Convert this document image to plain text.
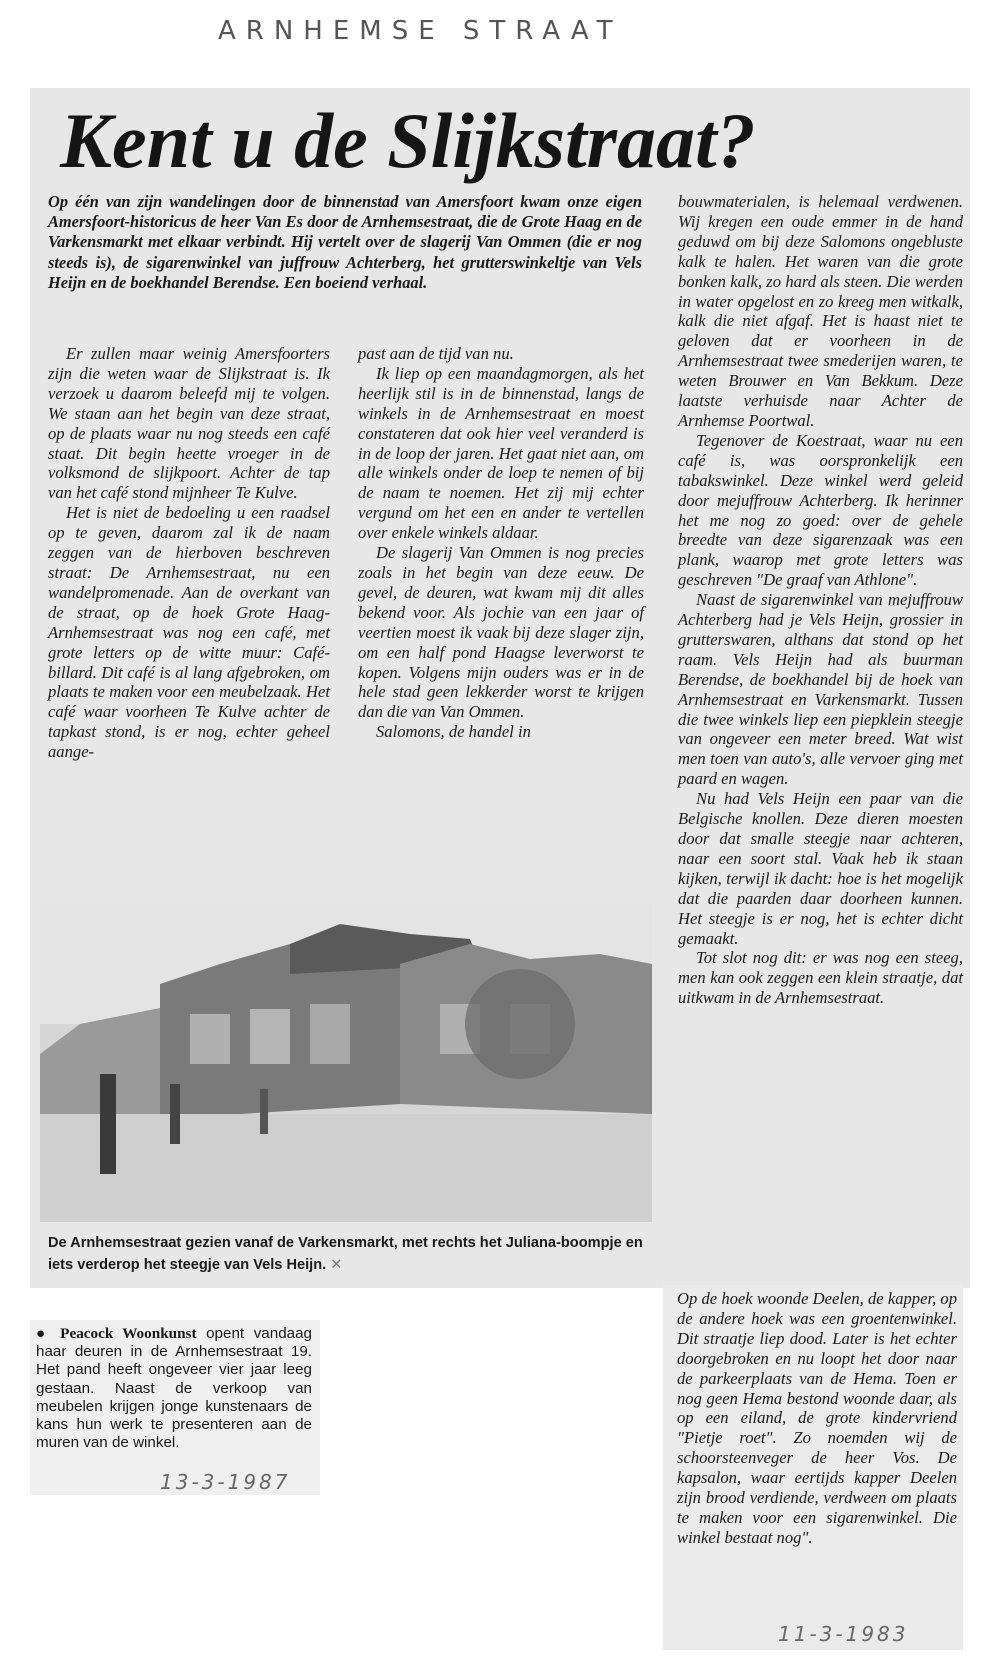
ARNHEMSE STRAAT
Kent u de Slijkstraat?
Op één van zijn wandelingen door de binnenstad van Amersfoort kwam onze eigen Amersfoort-historicus de heer Van Es door de Arnhemsestraat, die de Grote Haag en de Varkensmarkt met elkaar verbindt. Hij vertelt over de slagerij Van Ommen (die er nog steeds is), de sigarenwinkel van juffrouw Achterberg, het grutterswinkeltje van Vels Heijn en de boekhandel Berendse. Een boeiend verhaal.

Er zullen maar weinig Amersfoorters zijn die weten waar de Slijkstraat is. Ik verzoek u daarom beleefd mij te volgen. We staan aan het begin van deze straat, op de plaats waar nu nog steeds een café staat. Dit begin heette vroeger in de volksmond de slijkpoort. Achter de tap van het café stond mijnheer Te Kulve.

Het is niet de bedoeling u een raadsel op te geven, daarom zal ik de naam zeggen van de hierboven beschreven straat: De Arnhemsestraat, nu een wandelpromenade. Aan de overkant van de straat, op de hoek Grote Haag-Arnhemsestraat was nog een café, met grote letters op de witte muur: Café-billard. Dit café is al lang afgebroken, om plaats te maken voor een meubelzaak. Het café waar voorheen Te Kulve achter de tapkast stond, is er nog, echter geheel aange-

past aan de tijd van nu.

Ik liep op een maandagmorgen, als het heerlijk stil is in de binnenstad, langs de winkels in de Arnhemsestraat en moest constateren dat ook hier veel veranderd is in de loop der jaren. Het gaat niet aan, om alle winkels onder de loep te nemen of bij de naam te noemen. Het zij mij echter vergund om het een en ander te vertellen over enkele winkels aldaar.

De slagerij Van Ommen is nog precies zoals in het begin van deze eeuw. De gevel, de deuren, wat kwam mij dit alles bekend voor. Als jochie van een jaar of veertien moest ik vaak bij deze slager zijn, om een half pond Haagse leverworst te kopen. Volgens mijn ouders was er in de hele stad geen lekkerder worst te krijgen dan die van Van Ommen.

Salomons, de handel in

bouwmaterialen, is helemaal verdwenen. Wij kregen een oude emmer in de hand geduwd om bij deze Salomons ongebluste kalk te halen. Het waren van die grote bonken kalk, zo hard als steen. Die werden in water opgelost en zo kreeg men witkalk, kalk die niet afgaf. Het is haast niet te geloven dat er voorheen in de Arnhemsestraat twee smederijen waren, te weten Brouwer en Van Bekkum. Deze laatste verhuisde naar Achter de Arnhemse Poortwal.

Tegenover de Koestraat, waar nu een café is, was oorspronkelijk een tabakswinkel. Deze winkel werd geleid door mejuffrouw Achterberg. Ik herinner het me nog zo goed: over de gehele breedte van deze sigarenzaak was een plank, waarop met grote letters was geschreven "De graaf van Athlone".

Naast de sigarenwinkel van mejuffrouw Achterberg had je Vels Heijn, grossier in grutterswaren, althans dat stond op het raam. Vels Heijn had als buurman Berendse, de boekhandel bij de hoek van Arnhemsestraat en Varkensmarkt. Tussen die twee winkels liep een piepklein steegje van ongeveer een meter breed. Wat wist men toen van auto's, alle vervoer ging met paard en wagen.

Nu had Vels Heijn een paar van die Belgische knollen. Deze dieren moesten door dat smalle steegje naar achteren, naar een soort stal. Vaak heb ik staan kijken, terwijl ik dacht: hoe is het mogelijk dat die paarden daar doorheen kunnen. Het steegje is er nog, het is echter dicht gemaakt.

Tot slot nog dit: er was nog een steeg, men kan ook zeggen een klein straatje, dat uitkwam in de Arnhemsestraat.

De Arnhemsestraat gezien vanaf de Varkensmarkt, met rechts het Juliana-boompje en iets verderop het steegje van Vels Heijn. ✕
● Peacock Woonkunst opent vandaag haar deuren in de Arnhemsestraat 19. Het pand heeft ongeveer vier jaar leeg gestaan. Naast de verkoop van meubelen krijgen jonge kunstenaars de kans hun werk te presenteren aan de muren van de winkel.
13-3-1987
Op de hoek woonde Deelen, de kapper, op de andere hoek was een groentenwinkel. Dit straatje liep dood. Later is het echter doorgebroken en nu loopt het door naar de parkeerplaats van de Hema. Toen er nog geen Hema bestond woonde daar, als op een eiland, de grote kindervriend "Pietje roet". Zo noemden wij de schoorsteenveger de heer Vos. De kapsalon, waar eertijds kapper Deelen zijn brood verdiende, verdween om plaats te maken voor een sigarenwinkel. Die winkel bestaat nog".
11-3-1983
